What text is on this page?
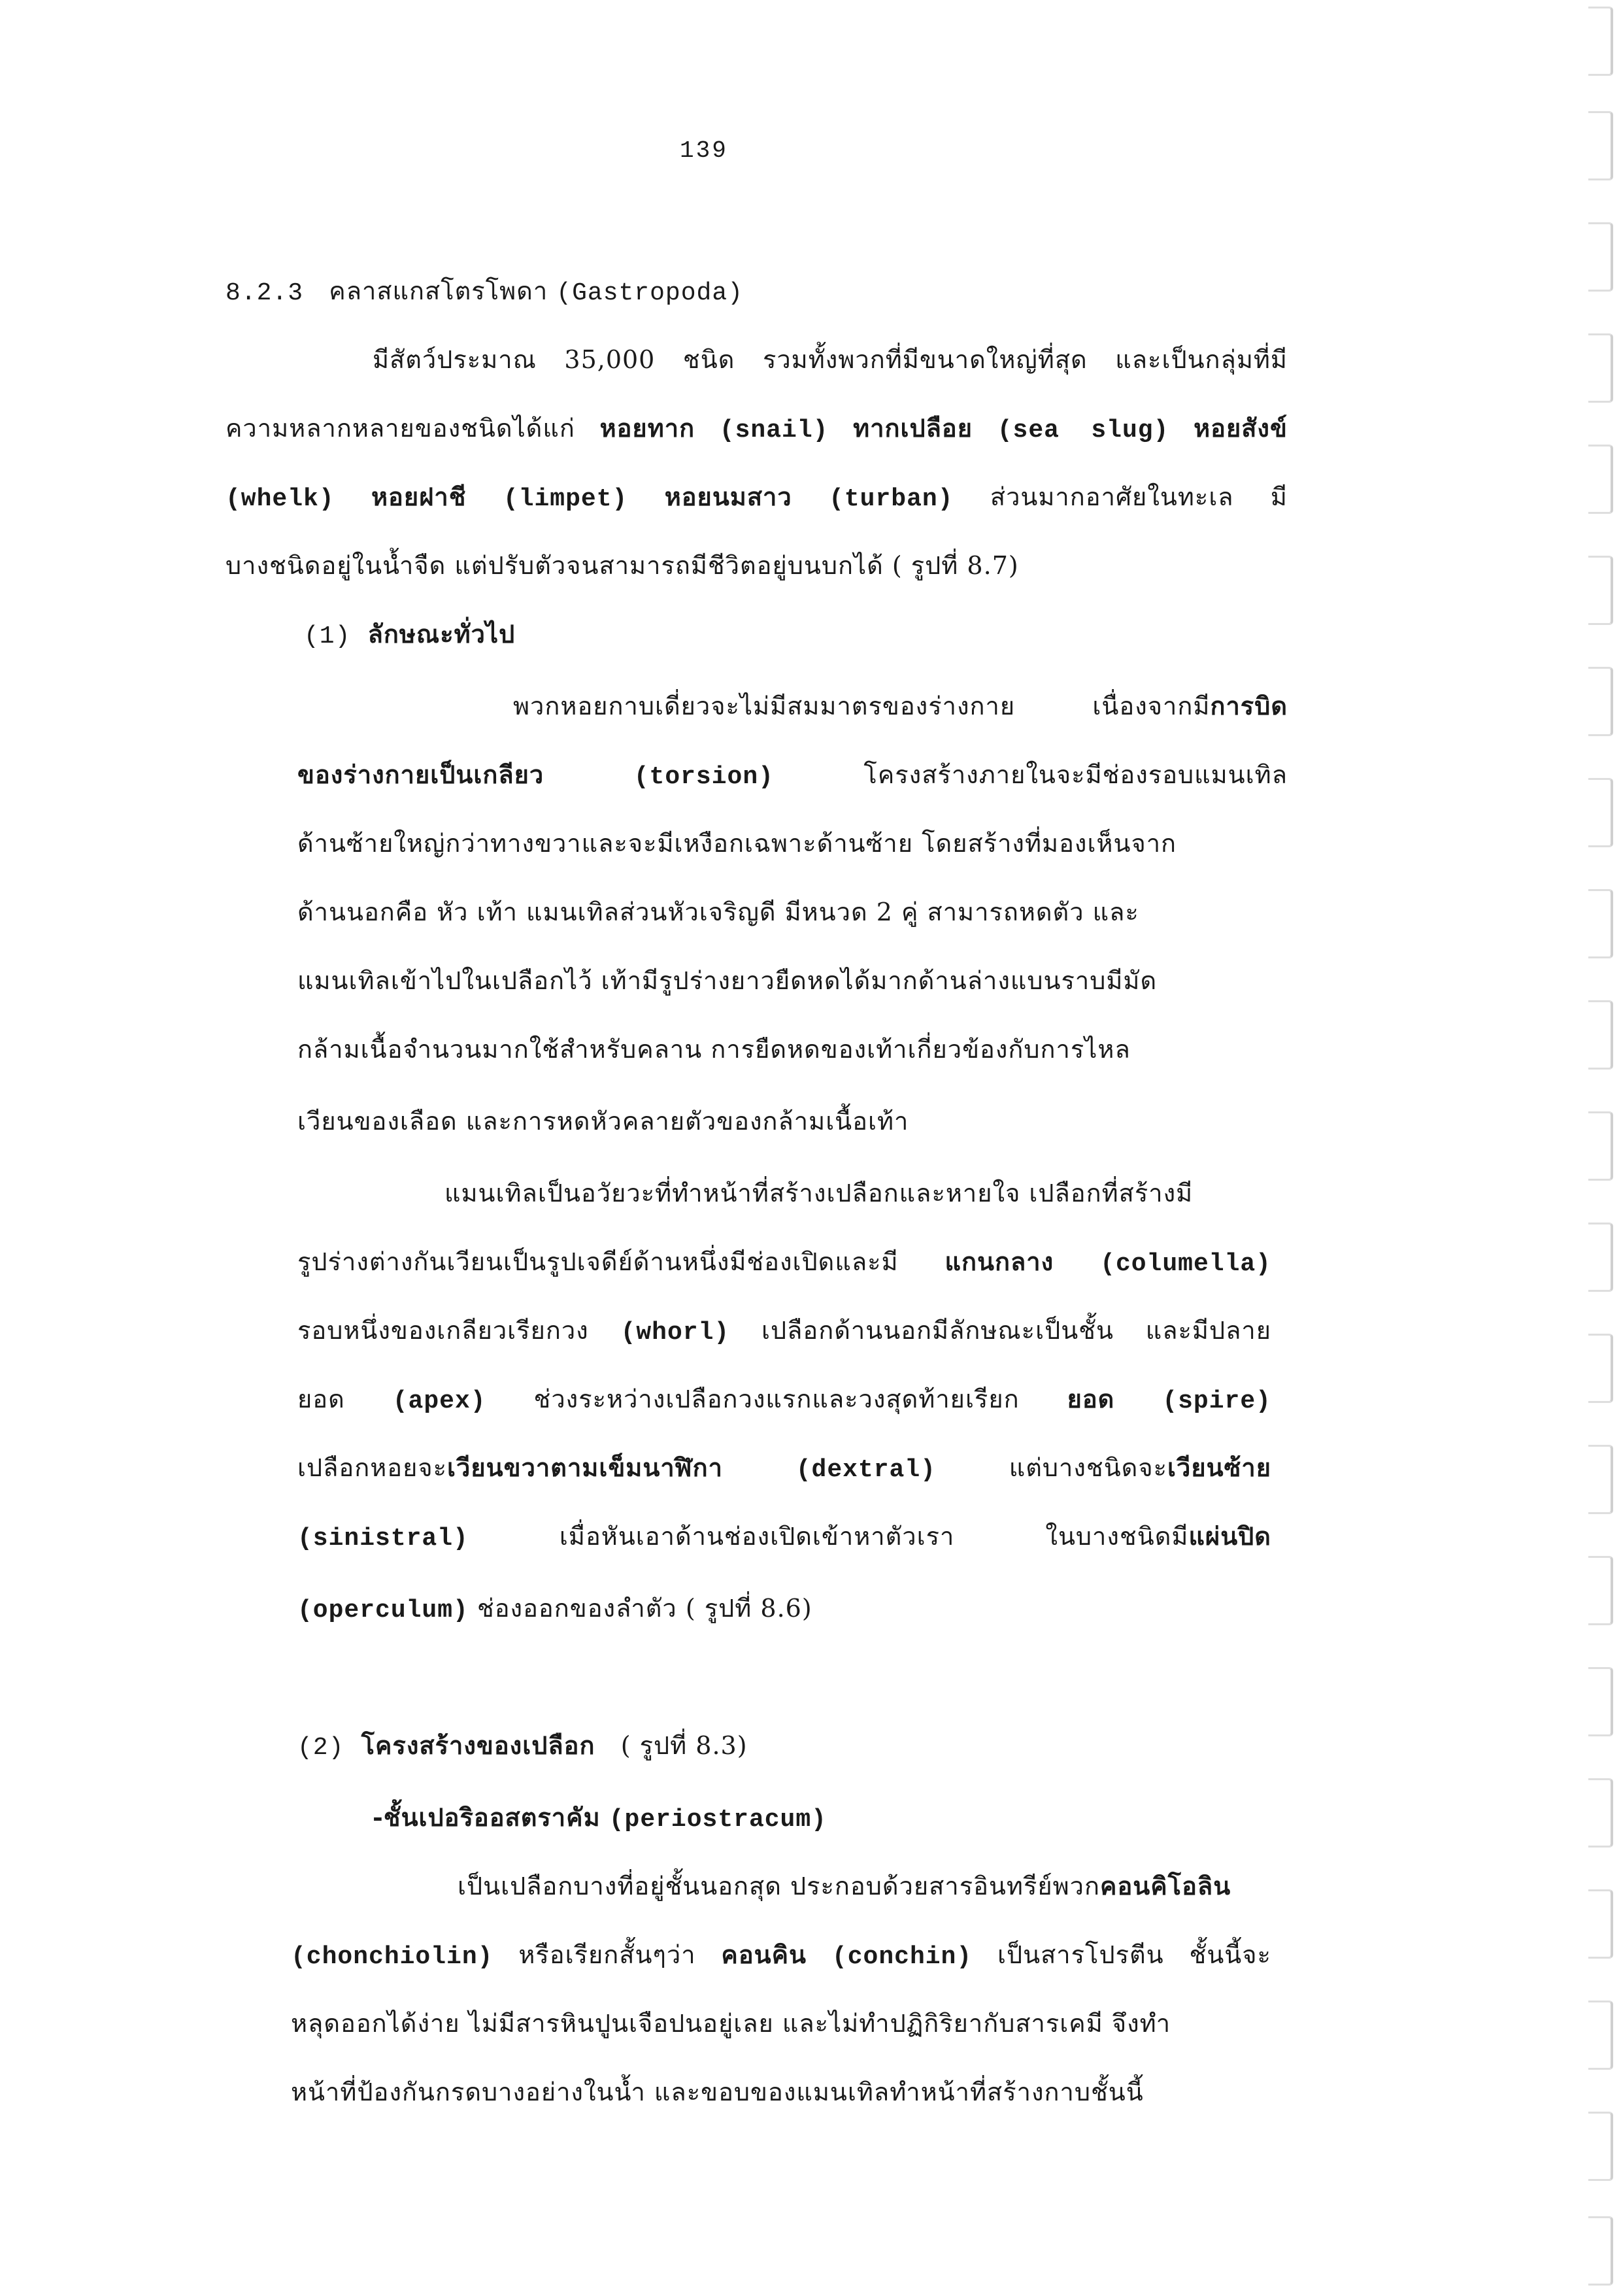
139
8.2.3 คลาสแกสโตรโพดา (Gastropoda)
มีสัตว์ประมาณ 35,000 ชนิด รวมทั้งพวกที่มีขนาดใหญ่ที่สุด และเป็นกลุ่มที่มี
ความหลากหลายของชนิดได้แก่ หอยทาก (snail) ทากเปลือย (sea slug) หอยสังข์
(whelk) หอยฝาชี (limpet) หอยนมสาว (turban) ส่วนมากอาศัยในทะเล มี
บางชนิดอยู่ในน้ำจืด แต่ปรับตัวจนสามารถมีชีวิตอยู่บนบกได้ ( รูปที่ 8.7)
(1) ลักษณะทั่วไป
พวกหอยกาบเดี่ยวจะไม่มีสมมาตรของร่างกาย เนื่องจากมีการบิด
ของร่างกายเป็นเกลียว	(torsion)	โครงสร้างภายในจะมีช่องรอบแมนเทิล
ด้านซ้ายใหญ่กว่าทางขวาและจะมีเหงือกเฉพาะด้านซ้าย โดยสร้างที่มองเห็นจาก
ด้านนอกคือ หัว เท้า แมนเทิลส่วนหัวเจริญดี มีหนวด 2 คู่ สามารถหดตัว และ
แมนเทิลเข้าไปในเปลือกไว้ เท้ามีรูปร่างยาวยืดหดได้มากด้านล่างแบนราบมีมัด
กล้ามเนื้อจำนวนมากใช้สำหรับคลาน การยืดหดของเท้าเกี่ยวข้องกับการไหล
เวียนของเลือด และการหดหัวคลายตัวของกล้ามเนื้อเท้า
แมนเทิลเป็นอวัยวะที่ทำหน้าที่สร้างเปลือกและหายใจ เปลือกที่สร้างมี
รูปร่างต่างกันเวียนเป็นรูปเจดีย์ด้านหนึ่งมีช่องเปิดและมี แกนกลาง (columella)
รอบหนึ่งของเกลียวเรียกวง (whorl) เปลือกด้านนอกมีลักษณะเป็นชั้น และมีปลาย
ยอด (apex) ช่วงระหว่างเปลือกวงแรกและวงสุดท้ายเรียก ยอด (spire)
เปลือกหอยจะเวียนขวาตามเข็มนาฬิกา	(dextral)	แต่บางชนิดจะเวียนซ้าย
(sinistral)	เมื่อหันเอาด้านช่องเปิดเข้าหาตัวเรา	ในบางชนิดมีแผ่นปิด
(operculum) ช่องออกของลำตัว ( รูปที่ 8.6)
(2) โครงสร้างของเปลือก ( รูปที่ 8.3)
-ชั้นเปอริออสตราคัม (periostracum)
เป็นเปลือกบางที่อยู่ชั้นนอกสุด ประกอบด้วยสารอินทรีย์พวกคอนคิโอลิน
(chonchiolin) หรือเรียกสั้นๆว่า คอนคิน (conchin) เป็นสารโปรตีน ชั้นนี้จะ
หลุดออกได้ง่าย ไม่มีสารหินปูนเจือปนอยู่เลย และไม่ทำปฏิกิริยากับสารเคมี จึงทำ
หน้าที่ป้องกันกรดบางอย่างในน้ำ และขอบของแมนเทิลทำหน้าที่สร้างกาบชั้นนี้
